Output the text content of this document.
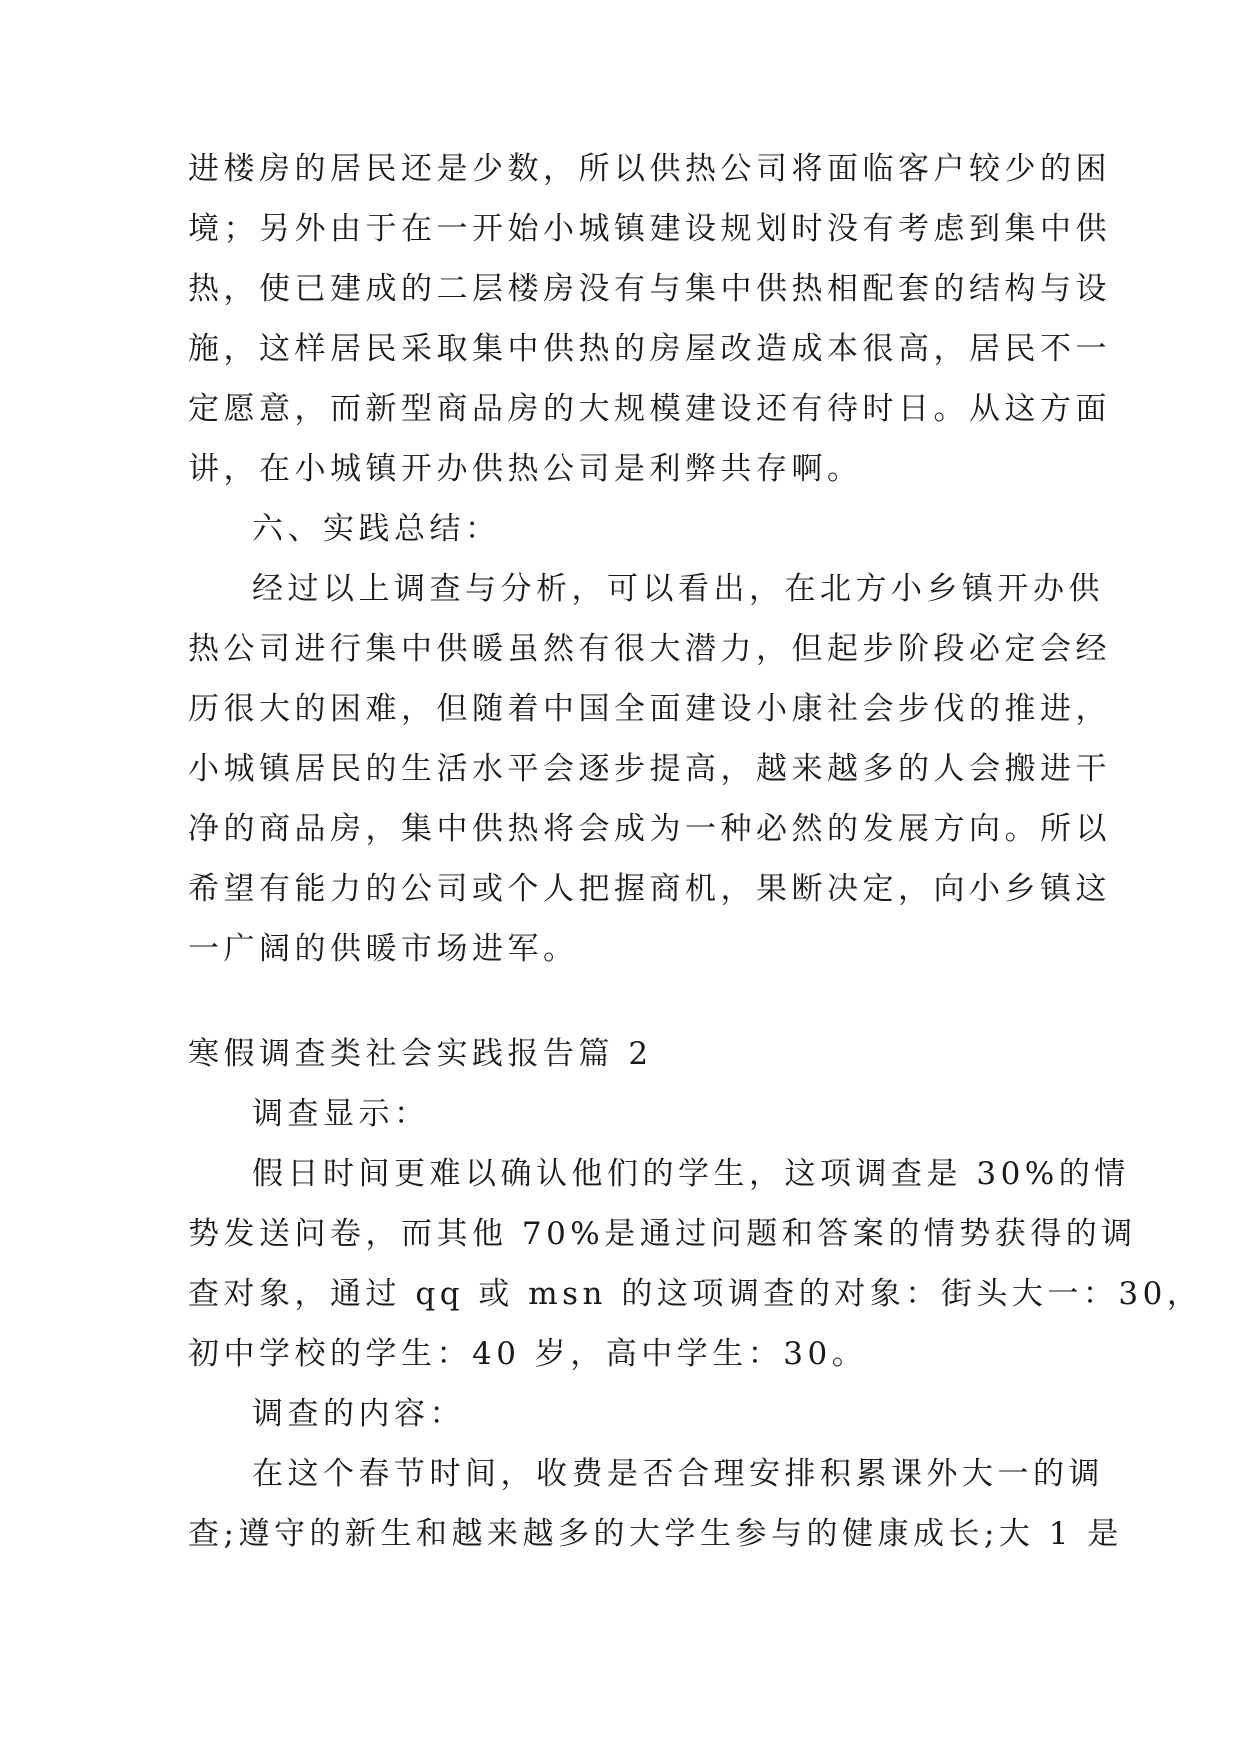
进楼房的居民还是少数，所以供热公司将面临客户较少的困
境；另外由于在一开始小城镇建设规划时没有考虑到集中供
热，使已建成的二层楼房没有与集中供热相配套的结构与设
施，这样居民采取集中供热的房屋改造成本很高，居民不一
定愿意，而新型商品房的大规模建设还有待时日。从这方面
讲，在小城镇开办供热公司是利弊共存啊。
六、实践总结：
经过以上调查与分析，可以看出，在北方小乡镇开办供
热公司进行集中供暖虽然有很大潜力，但起步阶段必定会经
历很大的困难，但随着中国全面建设小康社会步伐的推进，
小城镇居民的生活水平会逐步提高，越来越多的人会搬进干
净的商品房，集中供热将会成为一种必然的发展方向。所以
希望有能力的公司或个人把握商机，果断决定，向小乡镇这
一广阔的供暖市场进军。
寒假调查类社会实践报告篇 2
调查显示：
假日时间更难以确认他们的学生，这项调查是 30%的情
势发送问卷，而其他 70%是通过问题和答案的情势获得的调
查对象，通过 qq 或 msn 的这项调查的对象：街头大一：30，
初中学校的学生：40 岁，高中学生：30。
调查的内容：
在这个春节时间，收费是否合理安排积累课外大一的调
查;遵守的新生和越来越多的大学生参与的健康成长;大 1 是
